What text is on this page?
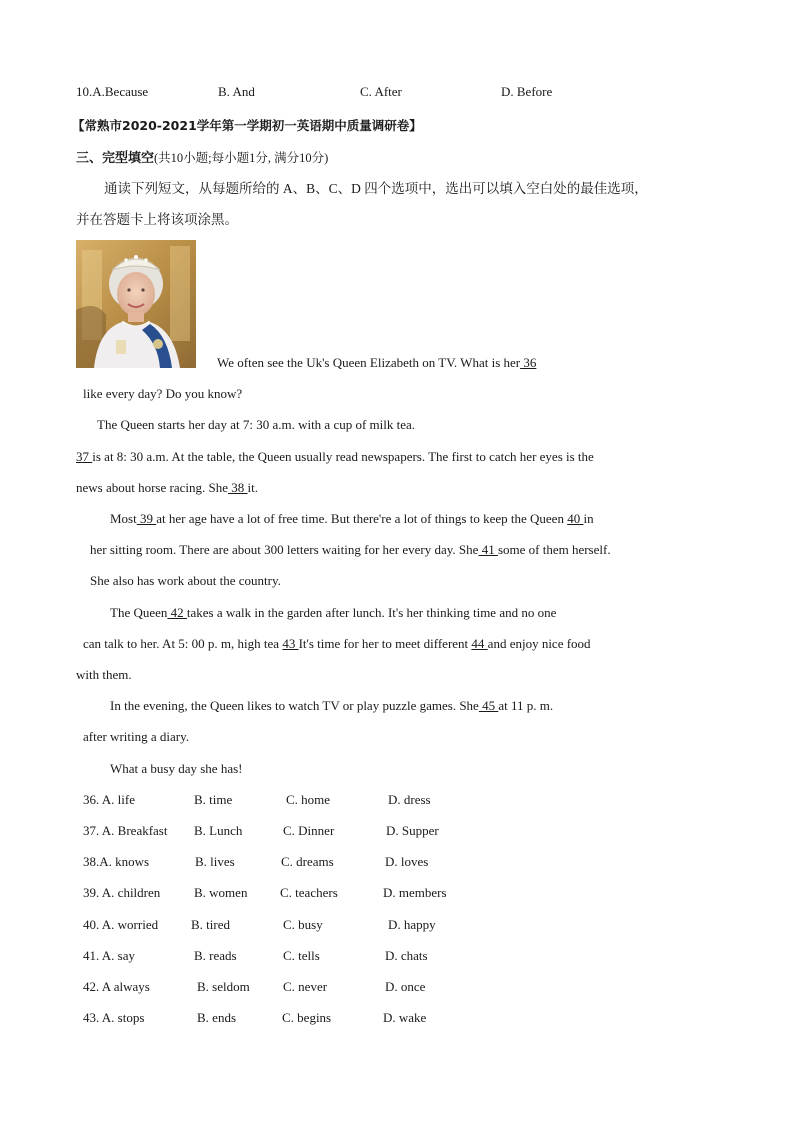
10.A.Because	B. And	C. After	D. Before
【常熟市2020-2021学年第一学期初一英语期中质量调研卷】
三、完型填空(共10小题;每小题1分, 满分10分)
通读下列短文，从每题所给的 A、B、C、D 四个选项中，选出可以填入空白处的最佳选项，
并在答题卡上将该项涂黑。
We often see the Uk's Queen Elizabeth on TV. What is her 36
like every day? Do you know?
The Queen starts her day at 7: 30 a.m. with a cup of milk tea.
37 is at 8: 30 a.m. At the table, the Queen usually read newspapers. The first to catch her eyes is the
news about horse racing. She 38 it.
Most 39 at her age have a lot of free time. But there're a lot of things to keep the Queen 40 in
her sitting room. There are about 300 letters waiting for her every day. She 41 some of them herself.
She also has work about the country.
The Queen 42 takes a walk in the garden after lunch. It's her thinking time and no one
can talk to her. At 5: 00 p. m, high tea 43 It's time for her to meet different 44 and enjoy nice food
with them.
In the evening, the Queen likes to watch TV or play puzzle games. She 45 at 11 p. m.
after writing a diary.
What a busy day she has!
36. A. life	B. time	C. home	D. dress
37. A. Breakfast B. Lunch	C. Dinner	D. Supper
38.A. knows	B. lives	C. dreams	D. loves
39. A. children	B. women	C. teachers	D. members
40. A. worried	B. tired	C. busy	D. happy
41. A. say	B. reads	C. tells	D. chats
42. A always	B. seldom	C. never	D. once
43. A. stops	B. ends	C. begins	D. wake
